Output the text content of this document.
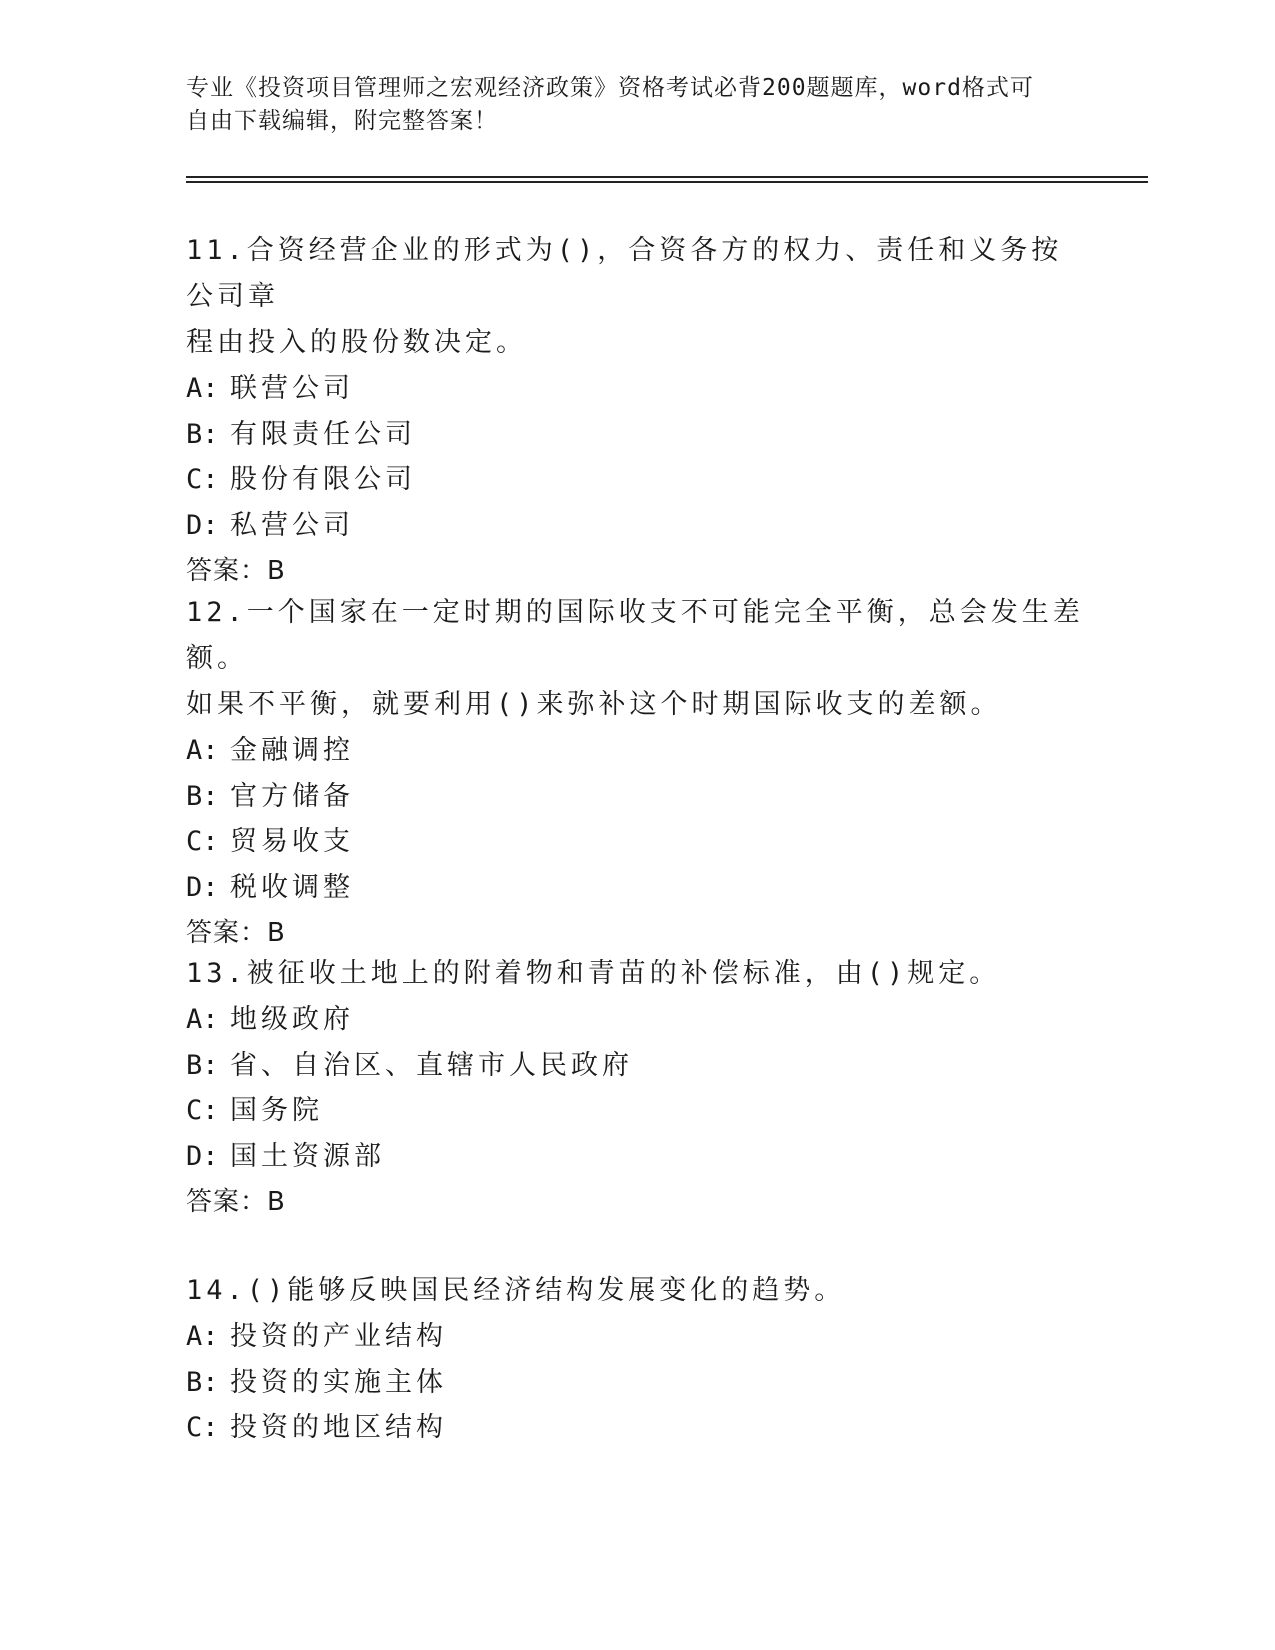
专业《投资项目管理师之宏观经济政策》资格考试必背200题题库，word格式可
自由下载编辑，附完整答案！

11.合资经营企业的形式为()，合资各方的权力、责任和义务按公司章

程由投入的股份数决定。

A: 联营公司

B: 有限责任公司

C: 股份有限公司

D: 私营公司

答案：B

12.一个国家在一定时期的国际收支不可能完全平衡，总会发生差额。

如果不平衡，就要利用()来弥补这个时期国际收支的差额。

A: 金融调控

B: 官方储备

C: 贸易收支

D: 税收调整

答案：B

13.被征收土地上的附着物和青苗的补偿标准，由()规定。

A: 地级政府

B: 省、自治区、直辖市人民政府

C: 国务院

D: 国土资源部

答案：B

14.()能够反映国民经济结构发展变化的趋势。

A: 投资的产业结构

B: 投资的实施主体

C: 投资的地区结构
